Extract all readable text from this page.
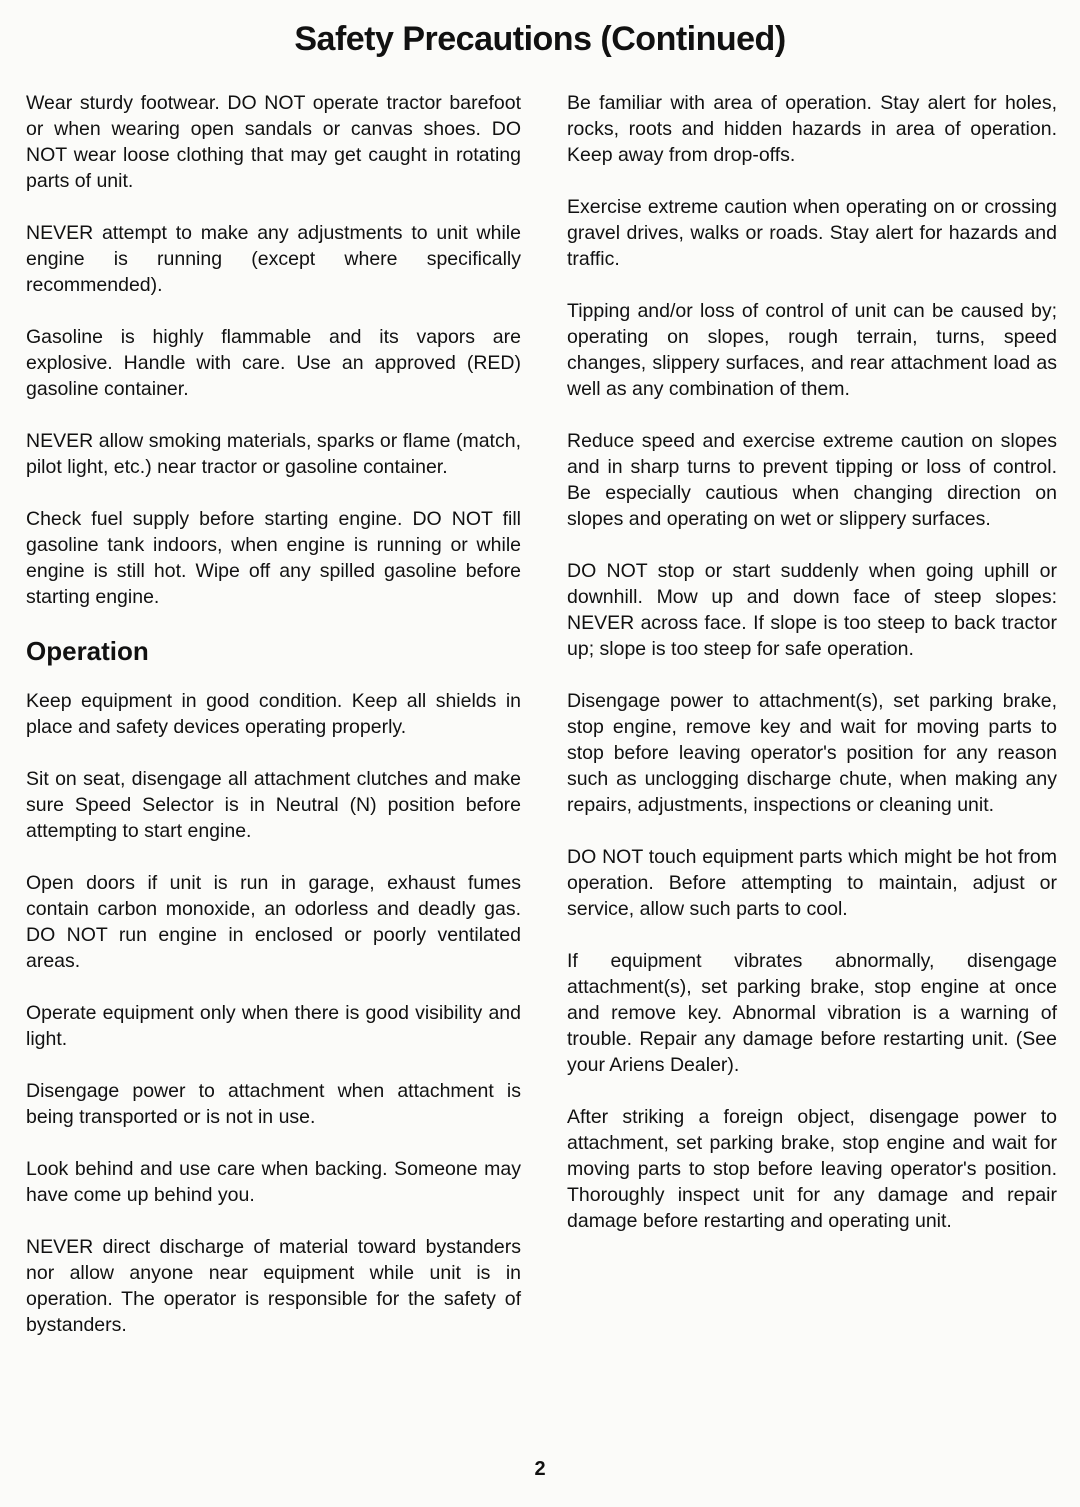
Safety Precautions (Continued)

Wear sturdy footwear. DO NOT operate tractor barefoot or when wearing open sandals or canvas shoes. DO NOT wear loose clothing that may get caught in rotating parts of unit.

NEVER attempt to make any adjustments to unit while engine is running (except where specifically recommended).

Gasoline is highly flammable and its vapors are explosive. Handle with care. Use an approved (RED) gasoline container.

NEVER allow smoking materials, sparks or flame (match, pilot light, etc.) near tractor or gasoline container.

Check fuel supply before starting engine. DO NOT fill gasoline tank indoors, when engine is running or while engine is still hot. Wipe off any spilled gasoline before starting engine.

Operation

Keep equipment in good condition. Keep all shields in place and safety devices operating properly.

Sit on seat, disengage all attachment clutches and make sure Speed Selector is in Neutral (N) position before attempting to start engine.

Open doors if unit is run in garage, exhaust fumes contain carbon monoxide, an odorless and deadly gas. DO NOT run engine in enclosed or poorly ventilated areas.

Operate equipment only when there is good visibility and light.

Disengage power to attachment when attachment is being transported or is not in use.

Look behind and use care when backing. Someone may have come up behind you.

NEVER direct discharge of material toward bystanders nor allow anyone near equipment while unit is in operation. The operator is responsible for the safety of bystanders.

Be familiar with area of operation. Stay alert for holes, rocks, roots and hidden hazards in area of operation. Keep away from drop-offs.

Exercise extreme caution when operating on or crossing gravel drives, walks or roads. Stay alert for hazards and traffic.

Tipping and/or loss of control of unit can be caused by; operating on slopes, rough terrain, turns, speed changes, slippery surfaces, and rear attachment load as well as any combination of them.

Reduce speed and exercise extreme caution on slopes and in sharp turns to prevent tipping or loss of control. Be especially cautious when changing direction on slopes and operating on wet or slippery surfaces.

DO NOT stop or start suddenly when going uphill or downhill. Mow up and down face of steep slopes: NEVER across face. If slope is too steep to back tractor up; slope is too steep for safe operation.

Disengage power to attachment(s), set parking brake, stop engine, remove key and wait for moving parts to stop before leaving operator's position for any reason such as unclogging discharge chute, when making any repairs, adjustments, inspections or cleaning unit.

DO NOT touch equipment parts which might be hot from operation. Before attempting to maintain, adjust or service, allow such parts to cool.

If equipment vibrates abnormally, disengage attachment(s), set parking brake, stop engine at once and remove key. Abnormal vibration is a warning of trouble. Repair any damage before restarting unit. (See your Ariens Dealer).

After striking a foreign object, disengage power to attachment, set parking brake, stop engine and wait for moving parts to stop before leaving operator's position. Thoroughly inspect unit for any damage and repair damage before restarting and operating unit.

2
